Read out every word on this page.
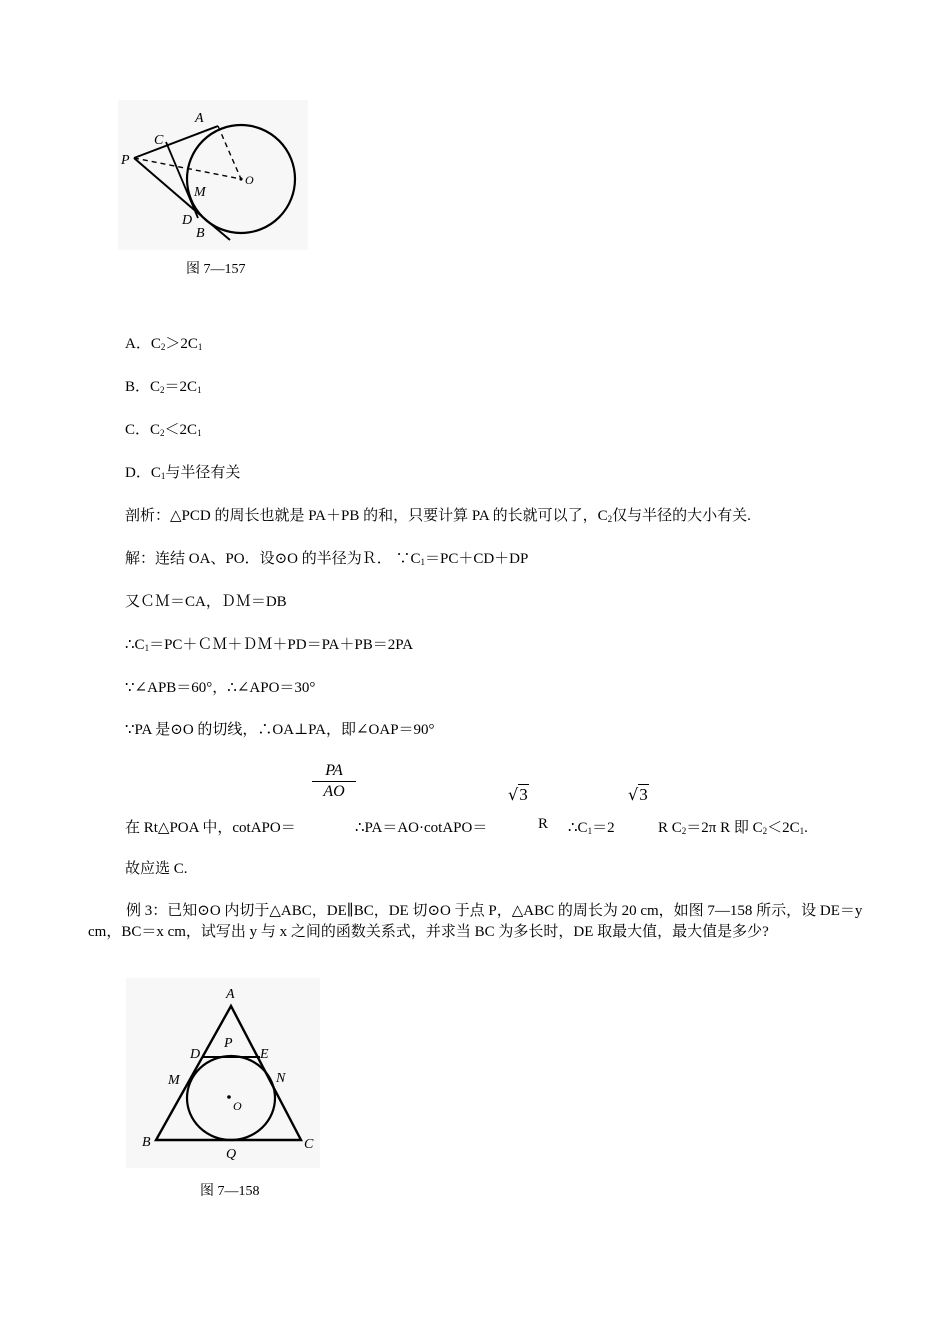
A
C
P
O
M
D
B
图 7—157
A．$C_2>2C_1$
B．$C_2=2C_1$
C．$C_2<2C_1$
D．$C_1$与半径有关
剖析：△PCD 的周长也就是 PA＋PB 的和，只要计算 PA 的长就可以了，$C_2$仅与半径的大小有关.
解：连结 OA、PO．设⊙O 的半径为Ｒ． $\because C_1=PC+CD+DP$
又ＣＭ＝CA，ＤＭ＝DB
$\therefore C_1=PC+CM+DM+PD=PA+PB=2PA$
∵∠APB＝60°，∴∠APO＝30°
∵PA 是⊙O 的切线，∴OA⊥PA，即∠OAP＝90°
PA
AO	√3	√3
在 Rt△POA 中，cotAPO＝	∴PA＝AO·cotAPO＝	R $\therefore C_1=2$	R $C_2=2\pi$ R 即 $C_2<2C_1$.
故应选 C.
例 3：已知⊙O 内切于△ABC，DE∥BC，DE 切⊙O 于点 P，△ABC 的周长为 20 cm，如图 7—158 所示，设 DE＝y cm，BC＝x cm，试写出 y 与 x 之间的函数关系式，并求当 BC 为多长时，DE 取最大值，最大值是多少?
A
P
D	E
M	N
O
B	C
Q
图 7—158
